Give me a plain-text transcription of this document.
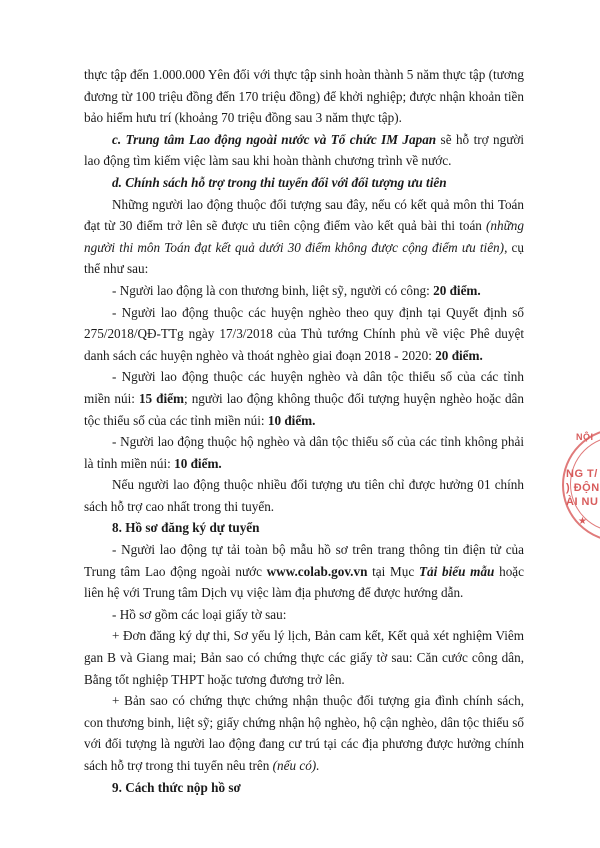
thực tập đến 1.000.000 Yên đối với thực tập sinh hoàn thành 5 năm thực tập (tương đương từ 100 triệu đồng đến 170 triệu đồng) để khởi nghiệp; được nhận khoản tiền bảo hiểm hưu trí (khoảng 70 triệu đồng sau 3 năm thực tập).

c. Trung tâm Lao động ngoài nước và Tổ chức IM Japan sẽ hỗ trợ người lao động tìm kiếm việc làm sau khi hoàn thành chương trình về nước.

d. Chính sách hỗ trợ trong thi tuyển đối với đối tượng ưu tiên

Những người lao động thuộc đối tượng sau đây, nếu có kết quả môn thi Toán đạt từ 30 điểm trở lên sẽ được ưu tiên cộng điểm vào kết quả bài thi toán (những người thi môn Toán đạt kết quả dưới 30 điểm không được cộng điểm ưu tiên), cụ thể như sau:

- Người lao động là con thương binh, liệt sỹ, người có công: 20 điểm.

- Người lao động thuộc các huyện nghèo theo quy định tại Quyết định số 275/2018/QĐ-TTg ngày 17/3/2018 của Thủ tướng Chính phủ về việc Phê duyệt danh sách các huyện nghèo và thoát nghèo giai đoạn 2018 - 2020: 20 điểm.

- Người lao động thuộc các huyện nghèo và dân tộc thiểu số của các tỉnh miền núi: 15 điểm; người lao động không thuộc đối tượng huyện nghèo hoặc dân tộc thiểu số của các tỉnh miền núi: 10 điểm.

- Người lao động thuộc hộ nghèo và dân tộc thiểu số của các tỉnh không phải là tỉnh miền núi: 10 điểm.

Nếu người lao động thuộc nhiều đối tượng ưu tiên chỉ được hưởng 01 chính sách hỗ trợ cao nhất trong thi tuyển.

8. Hồ sơ đăng ký dự tuyển

- Người lao động tự tải toàn bộ mẫu hồ sơ trên trang thông tin điện tử của Trung tâm Lao động ngoài nước www.colab.gov.vn tại Mục Tải biểu mẫu hoặc liên hệ với Trung tâm Dịch vụ việc làm địa phương để được hướng dẫn.

- Hồ sơ gồm các loại giấy tờ sau:

+ Đơn đăng ký dự thi, Sơ yếu lý lịch, Bản cam kết, Kết quả xét nghiệm Viêm gan B và Giang mai; Bản sao có chứng thực các giấy tờ sau: Căn cước công dân, Bằng tốt nghiệp THPT hoặc tương đương trở lên.

+ Bản sao có chứng thực chứng nhận thuộc đối tượng gia đình chính sách, con thương binh, liệt sỹ; giấy chứng nhận hộ nghèo, hộ cận nghèo, dân tộc thiểu số với đối tượng là người lao động đang cư trú tại các địa phương được hưởng chính sách hỗ trợ trong thi tuyển nêu trên (nếu có).

9. Cách thức nộp hồ sơ

NỘI
NG T/
) ĐỘN
ÀI NU
★
